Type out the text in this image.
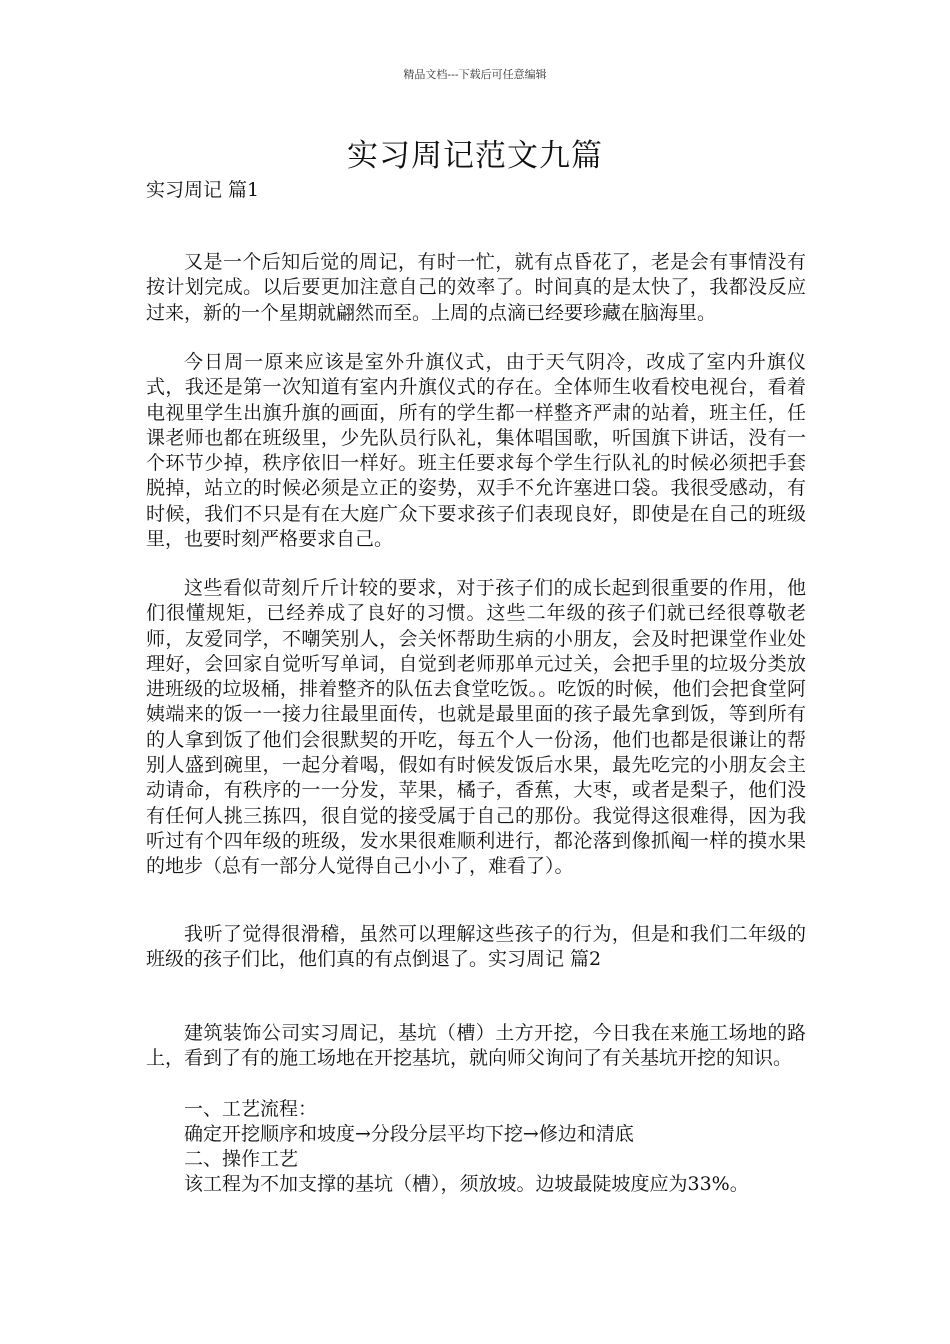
精品文档---下载后可任意编辑
实习周记范文九篇
实习周记 篇1

又是一个后知后觉的周记，有时一忙，就有点昏花了，老是会有事情没有按计划完成。以后要更加注意自己的效率了。时间真的是太快了，我都没反应过来，新的一个星期就翩然而至。上周的点滴已经要珍藏在脑海里。

今日周一原来应该是室外升旗仪式，由于天气阴冷，改成了室内升旗仪式，我还是第一次知道有室内升旗仪式的存在。全体师生收看校电视台，看着电视里学生出旗升旗的画面，所有的学生都一样整齐严肃的站着，班主任，任课老师也都在班级里，少先队员行队礼，集体唱国歌，听国旗下讲话，没有一个环节少掉，秩序依旧一样好。班主任要求每个学生行队礼的时候必须把手套脱掉，站立的时候必须是立正的姿势，双手不允许塞进口袋。我很受感动，有时候，我们不只是有在大庭广众下要求孩子们表现良好，即使是在自己的班级里，也要时刻严格要求自己。

这些看似苛刻斤斤计较的要求，对于孩子们的成长起到很重要的作用，他们很懂规矩，已经养成了良好的习惯。这些二年级的孩子们就已经很尊敬老师，友爱同学，不嘲笑别人，会关怀帮助生病的小朋友，会及时把课堂作业处理好，会回家自觉听写单词，自觉到老师那单元过关，会把手里的垃圾分类放进班级的垃圾桶，排着整齐的队伍去食堂吃饭。。吃饭的时候，他们会把食堂阿姨端来的饭一一接力往最里面传，也就是最里面的孩子最先拿到饭，等到所有的人拿到饭了他们会很默契的开吃，每五个人一份汤，他们也都是很谦让的帮别人盛到碗里，一起分着喝，假如有时候发饭后水果，最先吃完的小朋友会主动请命，有秩序的一一分发，苹果，橘子，香蕉，大枣，或者是梨子，他们没有任何人挑三拣四，很自觉的接受属于自己的那份。我觉得这很难得，因为我听过有个四年级的班级，发水果很难顺利进行，都沦落到像抓阄一样的摸水果的地步（总有一部分人觉得自己小小了，难看了）。

我听了觉得很滑稽，虽然可以理解这些孩子的行为，但是和我们二年级的班级的孩子们比，他们真的有点倒退了。实习周记 篇2

建筑装饰公司实习周记，基坑（槽）土方开挖，今日我在来施工场地的路上，看到了有的施工场地在开挖基坑，就向师父询问了有关基坑开挖的知识。

一、工艺流程：

确定开挖顺序和坡度→分段分层平均下挖→修边和清底

二、操作工艺

该工程为不加支撑的基坑（槽），须放坡。边坡最陡坡度应为33%。
